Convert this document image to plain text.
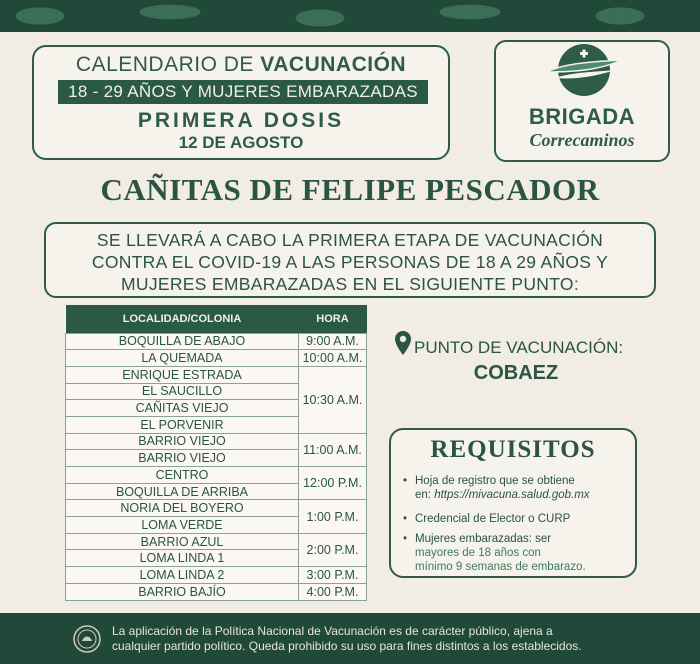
CALENDARIO DE VACUNACIÓN
18 - 29 AÑOS Y MUJERES EMBARAZADAS
PRIMERA DOSIS
12 DE AGOSTO
BRIGADA
Correcaminos
CAÑITAS DE FELIPE PESCADOR
SE LLEVARÁ A CABO LA PRIMERA ETAPA DE VACUNACIÓN
CONTRA EL COVID-19 A LAS PERSONAS DE 18 A 29 AÑOS Y
MUJERES EMBARAZADAS EN EL SIGUIENTE PUNTO:
LOCALIDAD/COLONIA	HORA
BOQUILLA DE ABAJO	9:00 A.M.
LA QUEMADA	10:00 A.M.
ENRIQUE ESTRADA	10:30 A.M.
EL SAUCILLO	
CAÑITAS VIEJO	
EL PORVENIR	
BARRIO VIEJO	11:00 A.M.
BARRIO VIEJO	
CENTRO	12:00 P.M.
BOQUILLA DE ARRIBA	
NORIA DEL BOYERO	1:00 P.M.
LOMA VERDE	
BARRIO AZUL	2:00 P.M.
LOMA LINDA 1	
LOMA LINDA 2	3:00 P.M.
BARRIO BAJÍO	4:00 P.M.
PUNTO DE VACUNACIÓN:
COBAEZ
REQUISITOS
• Hoja de registro que se obtiene
en: https://mivacuna.salud.gob.mx
• Credencial de Elector o CURP
• Mujeres embarazadas: ser
mayores de 18 años con
mínimo 9 semanas de embarazo.
La aplicación de la Política Nacional de Vacunación es de carácter público, ajena a
cualquier partido político. Queda prohibido su uso para fines distintos a los establecidos.
